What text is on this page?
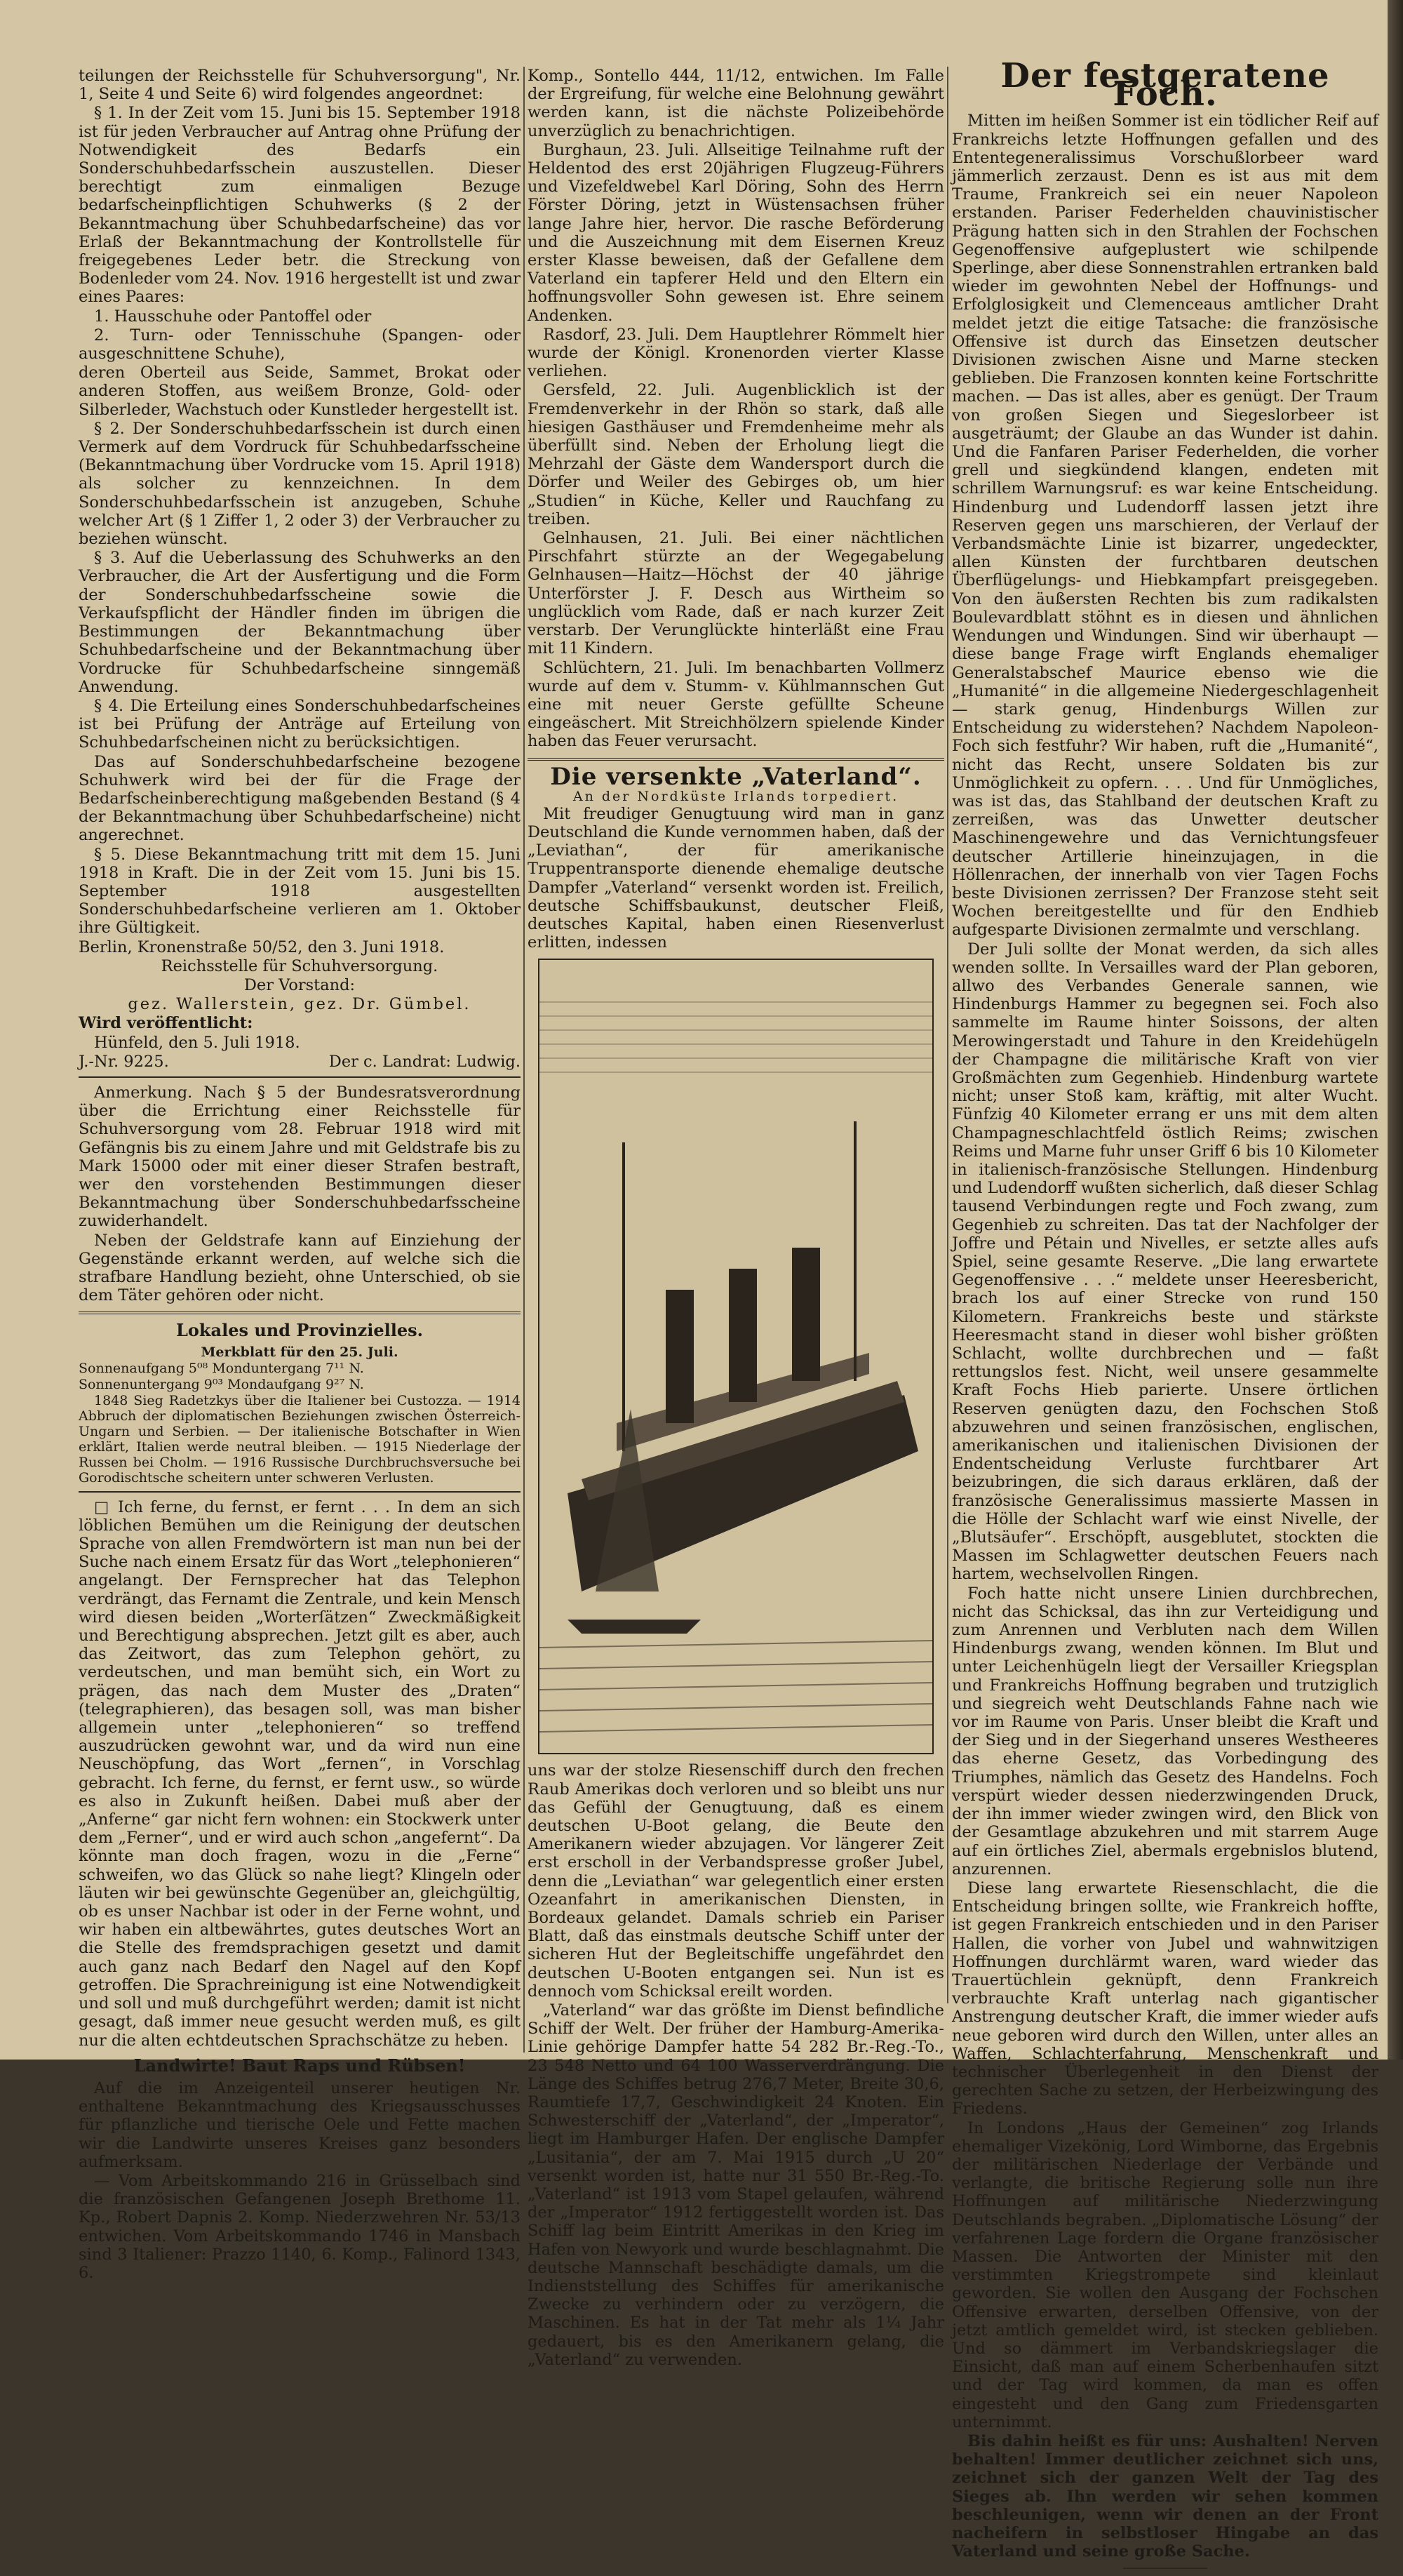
teilungen der Reichsstelle für Schuhversorgung", Nr. 1, Seite 4 und Seite 6) wird folgendes angeordnet:

§ 1. In der Zeit vom 15. Juni bis 15. September 1918 ist für jeden Verbraucher auf Antrag ohne Prüfung der Notwendigkeit des Bedarfs ein Sonderschuhbedarfsschein auszustellen. Dieser berechtigt zum einmaligen Bezuge bedarfscheinpflichtigen Schuhwerks (§ 2 der Bekanntmachung über Schuhbedarfscheine) das vor Erlaß der Bekanntmachung der Kontrollstelle für freigegebenes Leder betr. die Streckung von Bodenleder vom 24. Nov. 1916 hergestellt ist und zwar eines Paares:

1. Hausschuhe oder Pantoffel oder

2. Turn- oder Tennisschuhe (Spangen- oder ausgeschnittene Schuhe),

deren Oberteil aus Seide, Sammet, Brokat oder anderen Stoffen, aus weißem Bronze, Gold- oder Silberleder, Wachstuch oder Kunstleder hergestellt ist.

§ 2. Der Sonderschuhbedarfsschein ist durch einen Vermerk auf dem Vordruck für Schuhbedarfsscheine (Bekanntmachung über Vordrucke vom 15. April 1918) als solcher zu kennzeichnen. In dem Sonderschuhbedarfsschein ist anzugeben, Schuhe welcher Art (§ 1 Ziffer 1, 2 oder 3) der Verbraucher zu beziehen wünscht.

§ 3. Auf die Ueberlassung des Schuhwerks an den Verbraucher, die Art der Ausfertigung und die Form der Sonderschuhbedarfsscheine sowie die Verkaufspflicht der Händler finden im übrigen die Bestimmungen der Bekanntmachung über Schuhbedarfscheine und der Bekanntmachung über Vordrucke für Schuhbedarfscheine sinngemäß Anwendung.

§ 4. Die Erteilung eines Sonderschuhbedarfscheines ist bei Prüfung der Anträge auf Erteilung von Schuhbedarfscheinen nicht zu berücksichtigen.

Das auf Sonderschuhbedarfscheine bezogene Schuhwerk wird bei der für die Frage der Bedarfscheinberechtigung maßgebenden Bestand (§ 4 der Bekanntmachung über Schuhbedarfscheine) nicht angerechnet.

§ 5. Diese Bekanntmachung tritt mit dem 15. Juni 1918 in Kraft. Die in der Zeit vom 15. Juni bis 15. September 1918 ausgestellten Sonderschuhbedarfscheine verlieren am 1. Oktober ihre Gültigkeit.

Berlin, Kronenstraße 50/52, den 3. Juni 1918.

Reichsstelle für Schuhversorgung.

Der Vorstand:

gez. Wallerstein, gez. Dr. Gümbel.

Wird veröffentlicht:

Hünfeld, den 5. Juli 1918.

J.-Nr. 9225.	Der c. Landrat: Ludwig.

Anmerkung. Nach § 5 der Bundesratsverordnung über die Errichtung einer Reichsstelle für Schuhversorgung vom 28. Februar 1918 wird mit Gefängnis bis zu einem Jahre und mit Geldstrafe bis zu Mark 15000 oder mit einer dieser Strafen bestraft, wer den vorstehenden Bestimmungen dieser Bekanntmachung über Sonderschuhbedarfsscheine zuwiderhandelt.

Neben der Geldstrafe kann auf Einziehung der Gegenstände erkannt werden, auf welche sich die strafbare Handlung bezieht, ohne Unterschied, ob sie dem Täter gehören oder nicht.

Lokales und Provinzielles.

Merkblatt für den 25. Juli.

Sonnenaufgang 5⁰⁸ Monduntergang 7¹¹ N.

Sonnenuntergang 9⁰³ Mondaufgang 9²⁷ N.

1848 Sieg Radetzkys über die Italiener bei Custozza. — 1914 Abbruch der diplomatischen Beziehungen zwischen Österreich-Ungarn und Serbien. — Der italienische Botschafter in Wien erklärt, Italien werde neutral bleiben. — 1915 Niederlage der Russen bei Cholm. — 1916 Russische Durchbruchsversuche bei Gorodischtsche scheitern unter schweren Verlusten.

□ Ich ferne, du fernst, er fernt . . . In dem an sich löblichen Bemühen um die Reinigung der deutschen Sprache von allen Fremdwörtern ist man nun bei der Suche nach einem Ersatz für das Wort „telephonieren“ angelangt. Der Fernsprecher hat das Telephon verdrängt, das Fernamt die Zentrale, und kein Mensch wird diesen beiden „Worterſätzen“ Zweckmäßigkeit und Berechtigung absprechen. Jetzt gilt es aber, auch das Zeitwort, das zum Telephon gehört, zu verdeutschen, und man bemüht sich, ein Wort zu prägen, das nach dem Muster des „Draten“ (telegraphieren), das besagen soll, was man bisher allgemein unter „telephonieren“ so treffend auszudrücken gewohnt war, und da wird nun eine Neuschöpfung, das Wort „fernen“, in Vorschlag gebracht. Ich ferne, du fernst, er fernt usw., so würde es also in Zukunft heißen. Dabei muß aber der „Anferne“ gar nicht fern wohnen: ein Stockwerk unter dem „Ferner“, und er wird auch schon „angefernt“. Da könnte man doch fragen, wozu in die „Ferne“ schweifen, wo das Glück so nahe liegt? Klingeln oder läuten wir bei gewünschte Gegenüber an, gleichgültig, ob es unser Nachbar ist oder in der Ferne wohnt, und wir haben ein altbewährtes, gutes deutsches Wort an die Stelle des fremdsprachigen gesetzt und damit auch ganz nach Bedarf den Nagel auf den Kopf getroffen. Die Sprachreinigung ist eine Notwendigkeit und soll und muß durchgeführt werden; damit ist nicht gesagt, daß immer neue gesucht werden muß, es gilt nur die alten echtdeutschen Sprachschätze zu heben.

Landwirte! Baut Raps und Rübsen!

Auf die im Anzeigenteil unserer heutigen Nr. enthaltene Bekanntmachung des Kriegsausschusses für pflanzliche und tierische Oele und Fette machen wir die Landwirte unseres Kreises ganz besonders aufmerksam.

— Vom Arbeitskommando 216 in Grüsselbach sind die französischen Gefangenen Joseph Brethome 11. Kp., Robert Dapnis 2. Komp. Niederzwehren Nr. 53/13 entwichen. Vom Arbeitskommando 1746 in Mansbach sind 3 Italiener: Prazzo 1140, 6. Komp., Falinord 1343, 6.

Komp., Sontello 444, 11/12, entwichen. Im Falle der Ergreifung, für welche eine Belohnung gewährt werden kann, ist die nächste Polizeibehörde unverzüglich zu benachrichtigen.

Burghaun, 23. Juli. Allseitige Teilnahme ruft der Heldentod des erst 20jährigen Flugzeug-Führers und Vizefeldwebel Karl Döring, Sohn des Herrn Förster Döring, jetzt in Wüstensachsen früher lange Jahre hier, hervor. Die rasche Beförderung und die Auszeichnung mit dem Eisernen Kreuz erster Klasse beweisen, daß der Gefallene dem Vaterland ein tapferer Held und den Eltern ein hoffnungsvoller Sohn gewesen ist. Ehre seinem Andenken.

Rasdorf, 23. Juli. Dem Hauptlehrer Römmelt hier wurde der Königl. Kronenorden vierter Klasse verliehen.

Gersfeld, 22. Juli. Augenblicklich ist der Fremdenverkehr in der Rhön so stark, daß alle hiesigen Gasthäuser und Fremdenheime mehr als überfüllt sind. Neben der Erholung liegt die Mehrzahl der Gäste dem Wandersport durch die Dörfer und Weiler des Gebirges ob, um hier „Studien“ in Küche, Keller und Rauchfang zu treiben.

Gelnhausen, 21. Juli. Bei einer nächtlichen Pirschfahrt stürzte an der Wegegabelung Gelnhausen—Haitz—Höchst der 40 jährige Unterförster J. F. Desch aus Wirtheim so unglücklich vom Rade, daß er nach kurzer Zeit verstarb. Der Verunglückte hinterläßt eine Frau mit 11 Kindern.

Schlüchtern, 21. Juli. Im benachbarten Vollmerz wurde auf dem v. Stumm- v. Kühlmannschen Gut eine mit neuer Gerste gefüllte Scheune eingeäschert. Mit Streichhölzern spielende Kinder haben das Feuer verursacht.

Die versenkte „Vaterland“.

An der Nordküste Irlands torpediert.

Mit freudiger Genugtuung wird man in ganz Deutschland die Kunde vernommen haben, daß der „Leviathan“, der für amerikanische Truppentransporte dienende ehemalige deutsche Dampfer „Vaterland“ versenkt worden ist. Freilich, deutsche Schiffsbaukunst, deutscher Fleiß, deutsches Kapital, haben einen Riesenverlust erlitten, indessen

uns war der stolze Riesenschiff durch den frechen Raub Amerikas doch verloren und so bleibt uns nur das Gefühl der Genugtuung, daß es einem deutschen U-Boot gelang, die Beute den Amerikanern wieder abzujagen. Vor längerer Zeit erst erscholl in der Verbandspresse großer Jubel, denn die „Leviathan“ war gelegentlich einer ersten Ozeanfahrt in amerikanischen Diensten, in Bordeaux gelandet. Damals schrieb ein Pariser Blatt, daß das einstmals deutsche Schiff unter der sicheren Hut der Begleitschiffe ungefährdet den deutschen U-Booten entgangen sei. Nun ist es dennoch vom Schicksal ereilt worden.

„Vaterland“ war das größte im Dienst befindliche Schiff der Welt. Der früher der Hamburg-Amerika-Linie gehörige Dampfer hatte 54 282 Br.-Reg.-To., 23 548 Netto und 64 100 Wasserverdrängung. Die Länge des Schiffes betrug 276,7 Meter, Breite 30,6, Raumtiefe 17,7, Geschwindigkeit 24 Knoten. Ein Schwesterschiff der „Vaterland“, der „Imperator“, liegt im Hamburger Hafen. Der englische Dampfer „Lusitania“, der am 7. Mai 1915 durch „U 20“ versenkt worden ist, hatte nur 31 550 Br.-Reg.-To. „Vaterland“ ist 1913 vom Stapel gelaufen, während der „Imperator“ 1912 fertiggestellt worden ist. Das Schiff lag beim Eintritt Amerikas in den Krieg im Hafen von Newyork und wurde beschlagnahmt. Die deutsche Mannschaft beschädigte damals, um die Indienststellung des Schiffes für amerikanische Zwecke zu verhindern oder zu verzögern, die Maschinen. Es hat in der Tat mehr als 1¼ Jahr gedauert, bis es den Amerikanern gelang, die „Vaterland“ zu verwenden.

Der festgeratene Foch.

Mitten im heißen Sommer ist ein tödlicher Reif auf Frankreichs letzte Hoffnungen gefallen und des Ententegeneralissimus Vorschußlorbeer ward jämmerlich zerzaust. Denn es ist aus mit dem Traume, Frankreich sei ein neuer Napoleon erstanden. Pariser Federhelden chauvinistischer Prägung hatten sich in den Strahlen der Fochschen Gegenoffensive aufgeplustert wie schilpende Sperlinge, aber diese Sonnenstrahlen ertranken bald wieder im gewohnten Nebel der Hoffnungs- und Erfolglosigkeit und Clemenceaus amtlicher Draht meldet jetzt die eitige Tatsache: die französische Offensive ist durch das Einsetzen deutscher Divisionen zwischen Aisne und Marne stecken geblieben. Die Franzosen konnten keine Fortschritte machen. — Das ist alles, aber es genügt. Der Traum von großen Siegen und Siegeslorbeer ist ausgeträumt; der Glaube an das Wunder ist dahin. Und die Fanfaren Pariser Federhelden, die vorher grell und siegkündend klangen, endeten mit schrillem Warnungsruf: es war keine Entscheidung. Hindenburg und Ludendorff lassen jetzt ihre Reserven gegen uns marschieren, der Verlauf der Verbandsmächte Linie ist bizarrer, ungedeckter, allen Künsten der furchtbaren deutschen Überflügelungs- und Hiebkampfart preisgegeben. Von den äußersten Rechten bis zum radikalsten Boulevardblatt stöhnt es in diesen und ähnlichen Wendungen und Windungen. Sind wir überhaupt — diese bange Frage wirft Englands ehemaliger Generalstabschef Maurice ebenso wie die „Humanité“ in die allgemeine Niedergeschlagenheit — stark genug, Hindenburgs Willen zur Entscheidung zu widerstehen? Nachdem Napoleon-Foch sich festfuhr? Wir haben, ruft die „Humanité“, nicht das Recht, unsere Soldaten bis zur Unmöglichkeit zu opfern. . . . Und für Unmögliches, was ist das, das Stahlband der deutschen Kraft zu zerreißen, was das Unwetter deutscher Maschinengewehre und das Vernichtungsfeuer deutscher Artillerie hineinzujagen, in die Höllenrachen, der innerhalb von vier Tagen Fochs beste Divisionen zerrissen? Der Franzose steht seit Wochen bereitgestellte und für den Endhieb aufgesparte Divisionen zermalmte und verschlang.

Der Juli sollte der Monat werden, da sich alles wenden sollte. In Versailles ward der Plan geboren, allwo des Verbandes Generale sannen, wie Hindenburgs Hammer zu begegnen sei. Foch also sammelte im Raume hinter Soissons, der alten Merowingerstadt und Tahure in den Kreidehügeln der Champagne die militärische Kraft von vier Großmächten zum Gegenhieb. Hindenburg wartete nicht; unser Stoß kam, kräftig, mit alter Wucht. Fünfzig 40 Kilometer errang er uns mit dem alten Champagneschlachtfeld östlich Reims; zwischen Reims und Marne fuhr unser Griff 6 bis 10 Kilometer in italienisch-französische Stellungen. Hindenburg und Ludendorff wußten sicherlich, daß dieser Schlag tausend Verbindungen regte und Foch zwang, zum Gegenhieb zu schreiten. Das tat der Nachfolger der Joffre und Pétain und Nivelles, er setzte alles aufs Spiel, seine gesamte Reserve. „Die lang erwartete Gegenoffensive . . .“ meldete unser Heeresbericht, brach los auf einer Strecke von rund 150 Kilometern. Frankreichs beste und stärkste Heeresmacht stand in dieser wohl bisher größten Schlacht, wollte durchbrechen und — faßt rettungslos fest. Nicht, weil unsere gesammelte Kraft Fochs Hieb parierte. Unsere örtlichen Reserven genügten dazu, den Fochschen Stoß abzuwehren und seinen französischen, englischen, amerikanischen und italienischen Divisionen der Endentscheidung Verluste furchtbarer Art beizubringen, die sich daraus erklären, daß der französische Generalissimus massierte Massen in die Hölle der Schlacht warf wie einst Nivelle, der „Blutsäufer“. Erschöpft, ausgeblutet, stockten die Massen im Schlagwetter deutschen Feuers nach hartem, wechselvollen Ringen.

Foch hatte nicht unsere Linien durchbrechen, nicht das Schicksal, das ihn zur Verteidigung und zum Anrennen und Verbluten nach dem Willen Hindenburgs zwang, wenden können. Im Blut und unter Leichenhügeln liegt der Versailler Kriegsplan und Frankreichs Hoffnung begraben und trutziglich und siegreich weht Deutschlands Fahne nach wie vor im Raume von Paris. Unser bleibt die Kraft und der Sieg und in der Siegerhand unseres Westheeres das eherne Gesetz, das Vorbedingung des Triumphes, nämlich das Gesetz des Handelns. Foch verspürt wieder dessen niederzwingenden Druck, der ihn immer wieder zwingen wird, den Blick von der Gesamtlage abzukehren und mit starrem Auge auf ein örtliches Ziel, abermals ergebnislos blutend, anzurennen.

Diese lang erwartete Riesenschlacht, die die Entscheidung bringen sollte, wie Frankreich hoffte, ist gegen Frankreich entschieden und in den Pariser Hallen, die vorher von Jubel und wahnwitzigen Hoffnungen durchlärmt waren, ward wieder das Trauertüchlein geknüpft, denn Frankreich verbrauchte Kraft unterlag nach gigantischer Anstrengung deutscher Kraft, die immer wieder aufs neue geboren wird durch den Willen, unter alles an Waffen, Schlachterfahrung, Menschenkraft und technischer Überlegenheit in den Dienst der gerechten Sache zu setzen, der Herbeizwingung des Friedens.

In Londons „Haus der Gemeinen“ zog Irlands ehemaliger Vizekönig, Lord Wimborne, das Ergebnis der militärischen Niederlage der Verbände und verlangte, die britische Regierung solle nun ihre Hoffnungen auf militärische Niederzwingung Deutschlands begraben. „Diplomatische Lösung“ der verfahrenen Lage fordern die Organe französischer Massen. Die Antworten der Minister mit den verstimmten Kriegstrompete sind kleinlaut geworden. Sie wollen den Ausgang der Fochschen Offensive erwarten, derselben Offensive, von der jetzt amtlich gemeldet wird, ist stecken geblieben. Und so dämmert im Verbandskriegslager die Einsicht, daß man auf einem Scherbenhaufen sitzt und der Tag wird kommen, da man es offen eingesteht und den Gang zum Friedensgarten unternimmt.

Bis dahin heißt es für uns: Aushalten! Nerven behalten! Immer deutlicher zeichnet sich uns, zeichnet sich der ganzen Welt der Tag des Sieges ab. Ihn werden wir sehen kommen beschleunigen, wenn wir denen an der Front nacheifern in selbstloser Hingabe an das Vaterland und seine große Sache.
